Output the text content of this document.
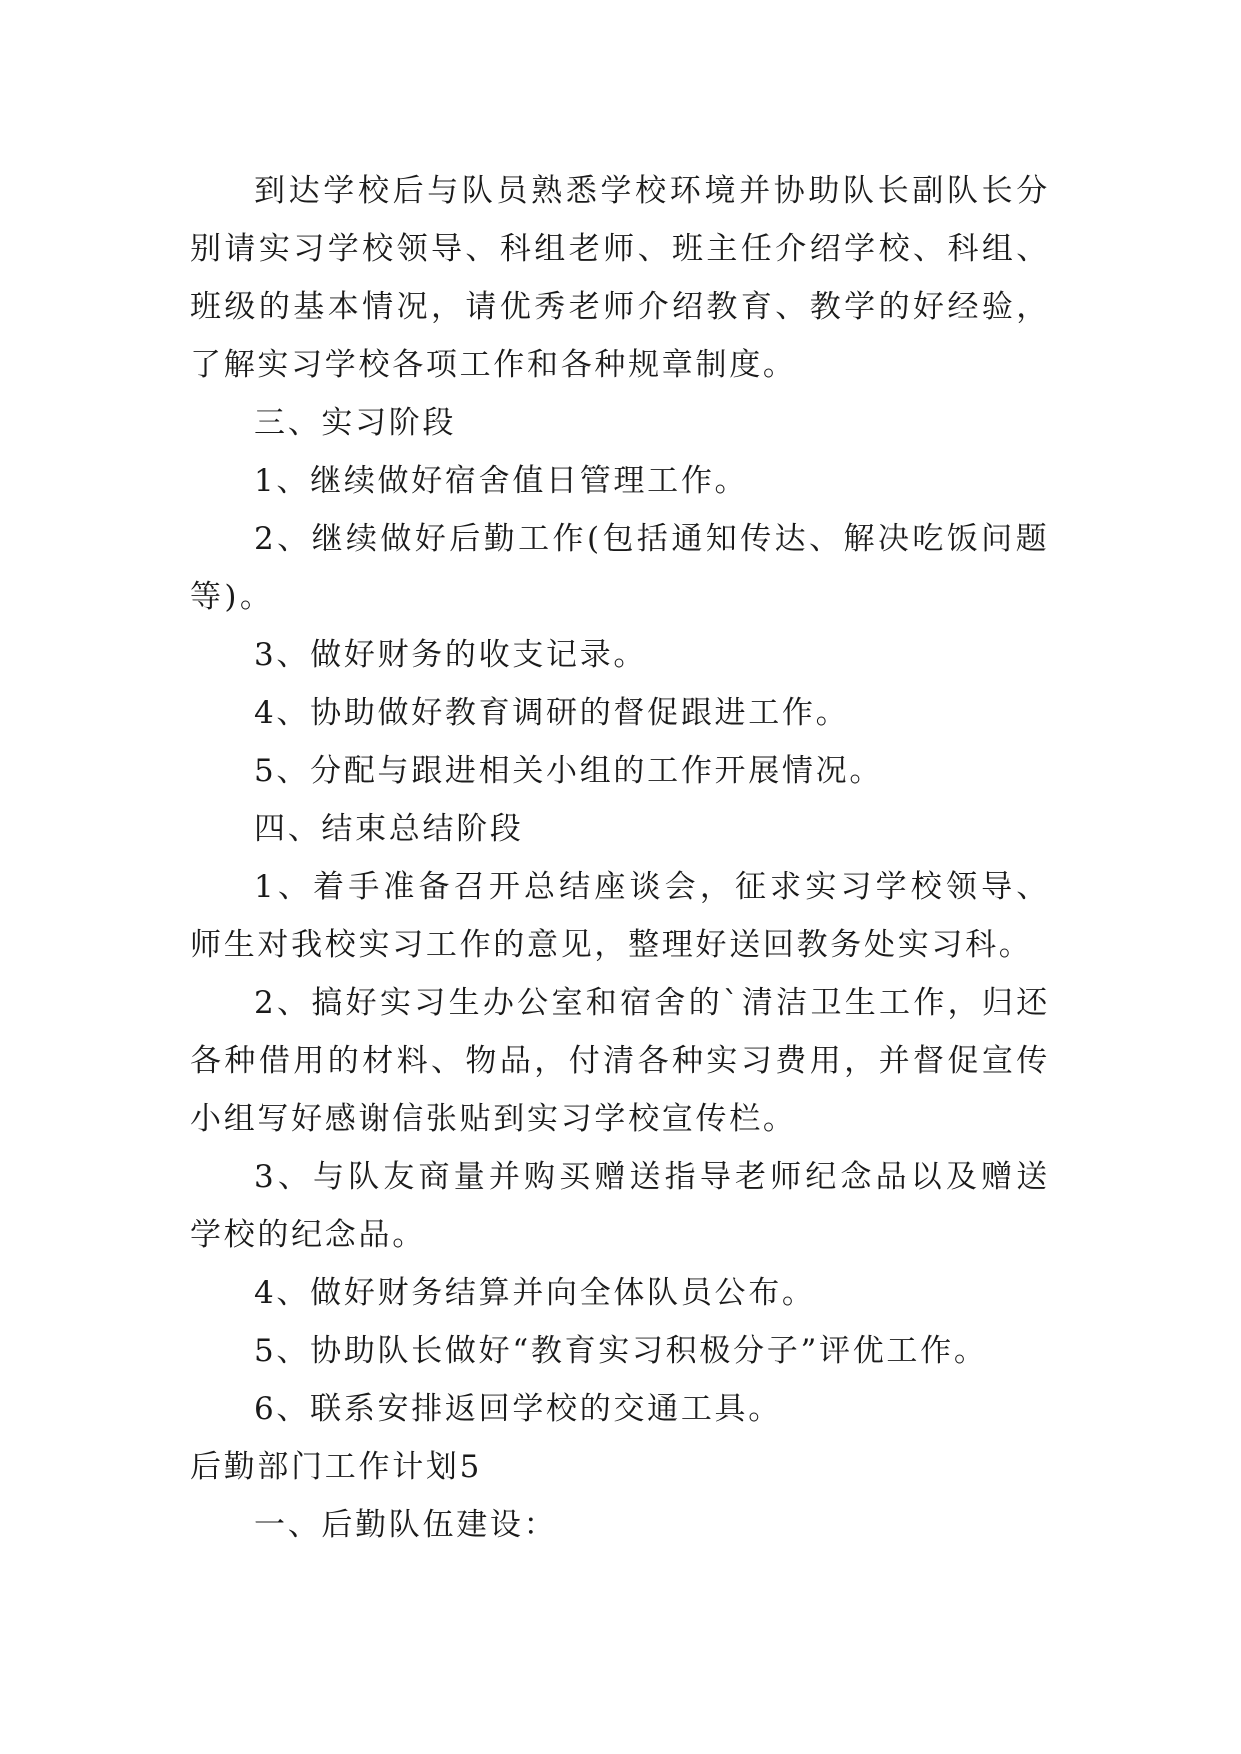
到达学校后与队员熟悉学校环境并协助队长副队长分别请实习学校领导、科组老师、班主任介绍学校、科组、班级的基本情况，请优秀老师介绍教育、教学的好经验，了解实习学校各项工作和各种规章制度。

三、实习阶段

1、继续做好宿舍值日管理工作。

2、继续做好后勤工作(包括通知传达、解决吃饭问题等)。

3、做好财务的收支记录。

4、协助做好教育调研的督促跟进工作。

5、分配与跟进相关小组的工作开展情况。

四、结束总结阶段

1、着手准备召开总结座谈会，征求实习学校领导、师生对我校实习工作的意见，整理好送回教务处实习科。

2、搞好实习生办公室和宿舍的`清洁卫生工作，归还各种借用的材料、物品，付清各种实习费用，并督促宣传小组写好感谢信张贴到实习学校宣传栏。

3、与队友商量并购买赠送指导老师纪念品以及赠送学校的纪念品。

4、做好财务结算并向全体队员公布。

5、协助队长做好“教育实习积极分子”评优工作。

6、联系安排返回学校的交通工具。

后勤部门工作计划5

一、后勤队伍建设：
